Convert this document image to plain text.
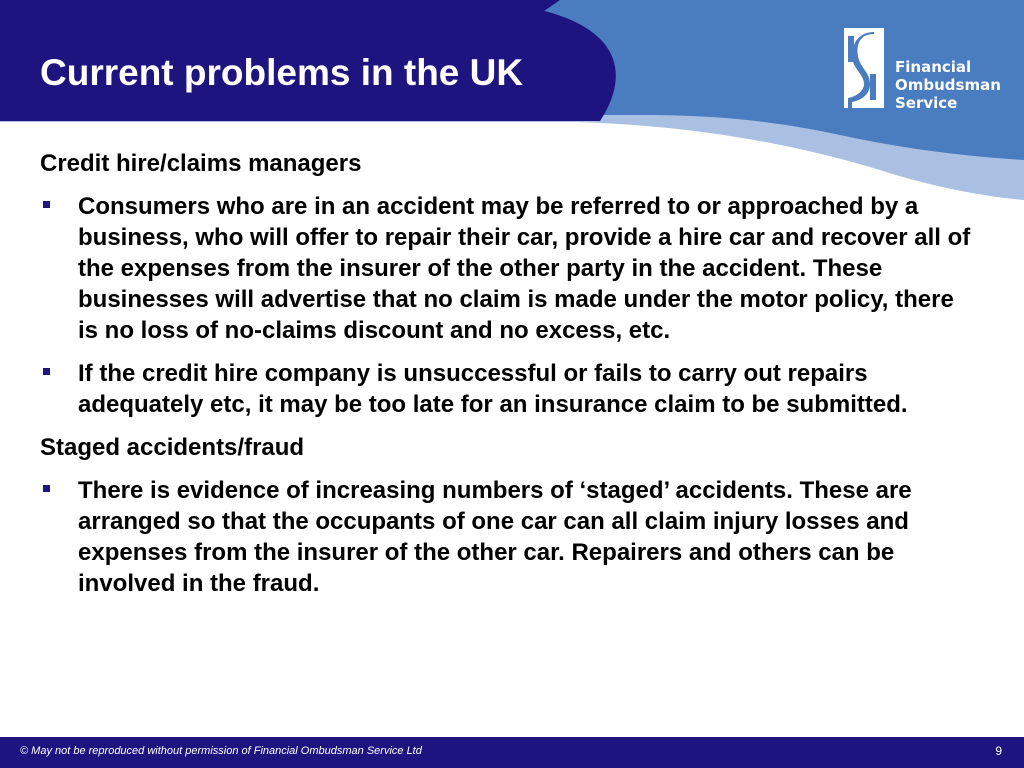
Current problems in the UK	Financial
Ombudsman
Service
Credit hire/claims managers
Consumers who are in an accident may be referred to or approached by a business, who will offer to repair their car, provide a hire car and recover all of the expenses from the insurer of the other party in the accident. These businesses will advertise that no claim is made under the motor policy, there is no loss of no-claims discount and no excess, etc.
If the credit hire company is unsuccessful or fails to carry out repairs adequately etc, it may be too late for an insurance claim to be submitted.
Staged accidents/fraud
There is evidence of increasing numbers of ‘staged’ accidents. These are arranged so that the occupants of one car can all claim injury losses and expenses from the insurer of the other car. Repairers and others can be involved in the fraud.
© May not be reproduced without permission of Financial Ombudsman Service Ltd	9
